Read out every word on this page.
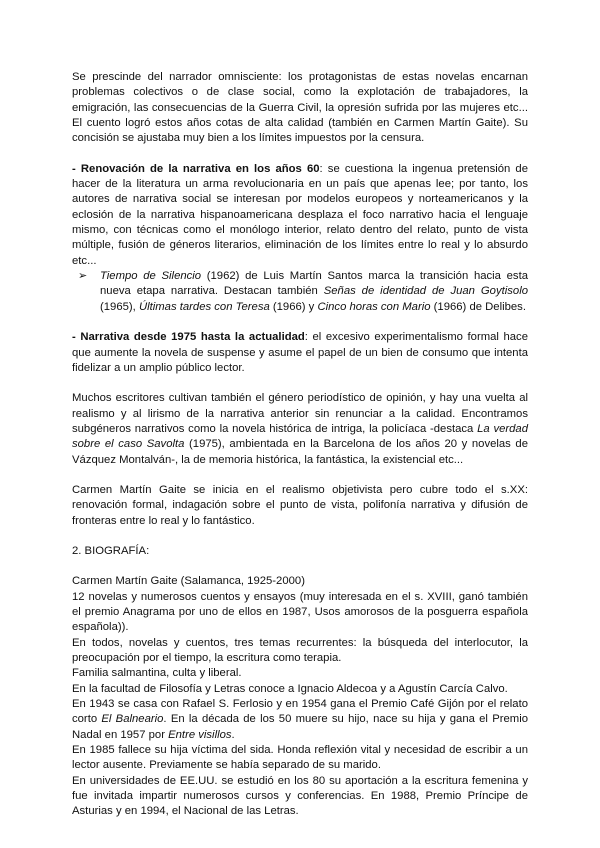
Se prescinde del narrador omnisciente: los protagonistas de estas novelas encarnan problemas colectivos o de clase social, como la explotación de trabajadores, la emigración, las consecuencias de la Guerra Civil, la opresión sufrida por las mujeres etc... El cuento logró estos años cotas de alta calidad (también en Carmen Martín Gaite). Su concisión se ajustaba muy bien a los límites impuestos por la censura.

- Renovación de la narrativa en los años 60: se cuestiona la ingenua pretensión de hacer de la literatura un arma revolucionaria en un país que apenas lee; por tanto, los autores de narrativa social se interesan por modelos europeos y norteamericanos y la eclosión de la narrativa hispanoamericana desplaza el foco narrativo hacia el lenguaje mismo, con técnicas como el monólogo interior, relato dentro del relato, punto de vista múltiple, fusión de géneros literarios, eliminación de los límites entre lo real y lo absurdo etc...

➢	Tiempo de Silencio (1962) de Luis Martín Santos marca la transición hacia esta nueva etapa narrativa. Destacan también Señas de identidad de Juan Goytisolo (1965), Últimas tardes con Teresa (1966) y Cinco horas con Mario (1966) de Delibes.

- Narrativa desde 1975 hasta la actualidad: el excesivo experimentalismo formal hace que aumente la novela de suspense y asume el papel de un bien de consumo que intenta fidelizar a un amplio público lector.

Muchos escritores cultivan también el género periodístico de opinión, y hay una vuelta al realismo y al lirismo de la narrativa anterior sin renunciar a la calidad. Encontramos subgéneros narrativos como la novela histórica de intriga, la policíaca -destaca La verdad sobre el caso Savolta (1975), ambientada en la Barcelona de los años 20 y novelas de Vázquez Montalván-, la de memoria histórica, la fantástica, la existencial etc...

Carmen Martín Gaite se inicia en el realismo objetivista pero cubre todo el s.XX: renovación formal, indagación sobre el punto de vista, polifonía narrativa y difusión de fronteras entre lo real y lo fantástico.

2. BIOGRAFÍA:

Carmen Martín Gaite (Salamanca, 1925-2000)

12 novelas y numerosos cuentos y ensayos (muy interesada en el s. XVIII, ganó también el premio Anagrama por uno de ellos en 1987, Usos amorosos de la posguerra española española)).

En todos, novelas y cuentos, tres temas recurrentes: la búsqueda del interlocutor, la preocupación por el tiempo, la escritura como terapia.

Familia salmantina, culta y liberal.

En la facultad de Filosofía y Letras conoce a Ignacio Aldecoa y a Agustín Carcía Calvo.

En 1943 se casa con Rafael S. Ferlosio y en 1954 gana el Premio Café Gijón por el relato corto El Balneario. En la década de los 50 muere su hijo, nace su hija y gana el Premio Nadal en 1957 por Entre visillos.

En 1985 fallece su hija víctima del sida. Honda reflexión vital y necesidad de escribir a un lector ausente. Previamente se había separado de su marido.

En universidades de EE.UU. se estudió en los 80 su aportación a la escritura femenina y fue invitada impartir numerosos cursos y conferencias. En 1988, Premio Príncipe de Asturias y en 1994, el Nacional de las Letras.
